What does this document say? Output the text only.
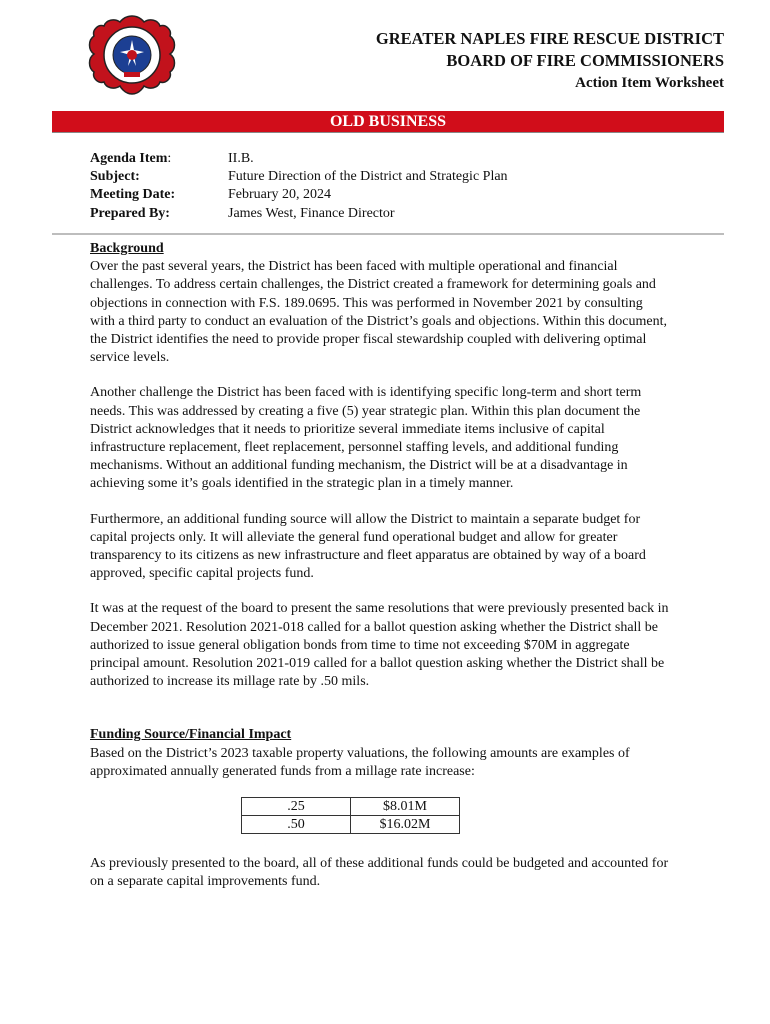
GREATER NAPLES FIRE RESCUE DISTRICT
BOARD OF FIRE COMMISSIONERS
Action Item Worksheet
OLD BUSINESS
Agenda Item:	II.B.
Subject:	Future Direction of the District and Strategic Plan
Meeting Date:	February 20, 2024
Prepared By:	James West, Finance Director
Background

Over the past several years, the District has been faced with multiple operational and financial challenges. To address certain challenges, the District created a framework for determining goals and objections in connection with F.S. 189.0695. This was performed in November 2021 by consulting with a third party to conduct an evaluation of the District’s goals and objections. Within this document, the District identifies the need to provide proper fiscal stewardship coupled with delivering optimal service levels.

Another challenge the District has been faced with is identifying specific long-term and short term needs. This was addressed by creating a five (5) year strategic plan. Within this plan document the District acknowledges that it needs to prioritize several immediate items inclusive of capital infrastructure replacement, fleet replacement, personnel staffing levels, and additional funding mechanisms. Without an additional funding mechanism, the District will be at a disadvantage in achieving some it’s goals identified in the strategic plan in a timely manner.

Furthermore, an additional funding source will allow the District to maintain a separate budget for capital projects only. It will alleviate the general fund operational budget and allow for greater transparency to its citizens as new infrastructure and fleet apparatus are obtained by way of a board approved, specific capital projects fund.

It was at the request of the board to present the same resolutions that were previously presented back in December 2021. Resolution 2021-018 called for a ballot question asking whether the District shall be authorized to issue general obligation bonds from time to time not exceeding $70M in aggregate principal amount. Resolution 2021-019 called for a ballot question asking whether the District shall be authorized to increase its millage rate by .50 mils.

Funding Source/Financial Impact

Based on the District’s 2023 taxable property valuations, the following amounts are examples of approximated annually generated funds from a millage rate increase:

.25	$8.01M
.50	$16.02M

As previously presented to the board, all of these additional funds could be budgeted and accounted for on a separate capital improvements fund.
